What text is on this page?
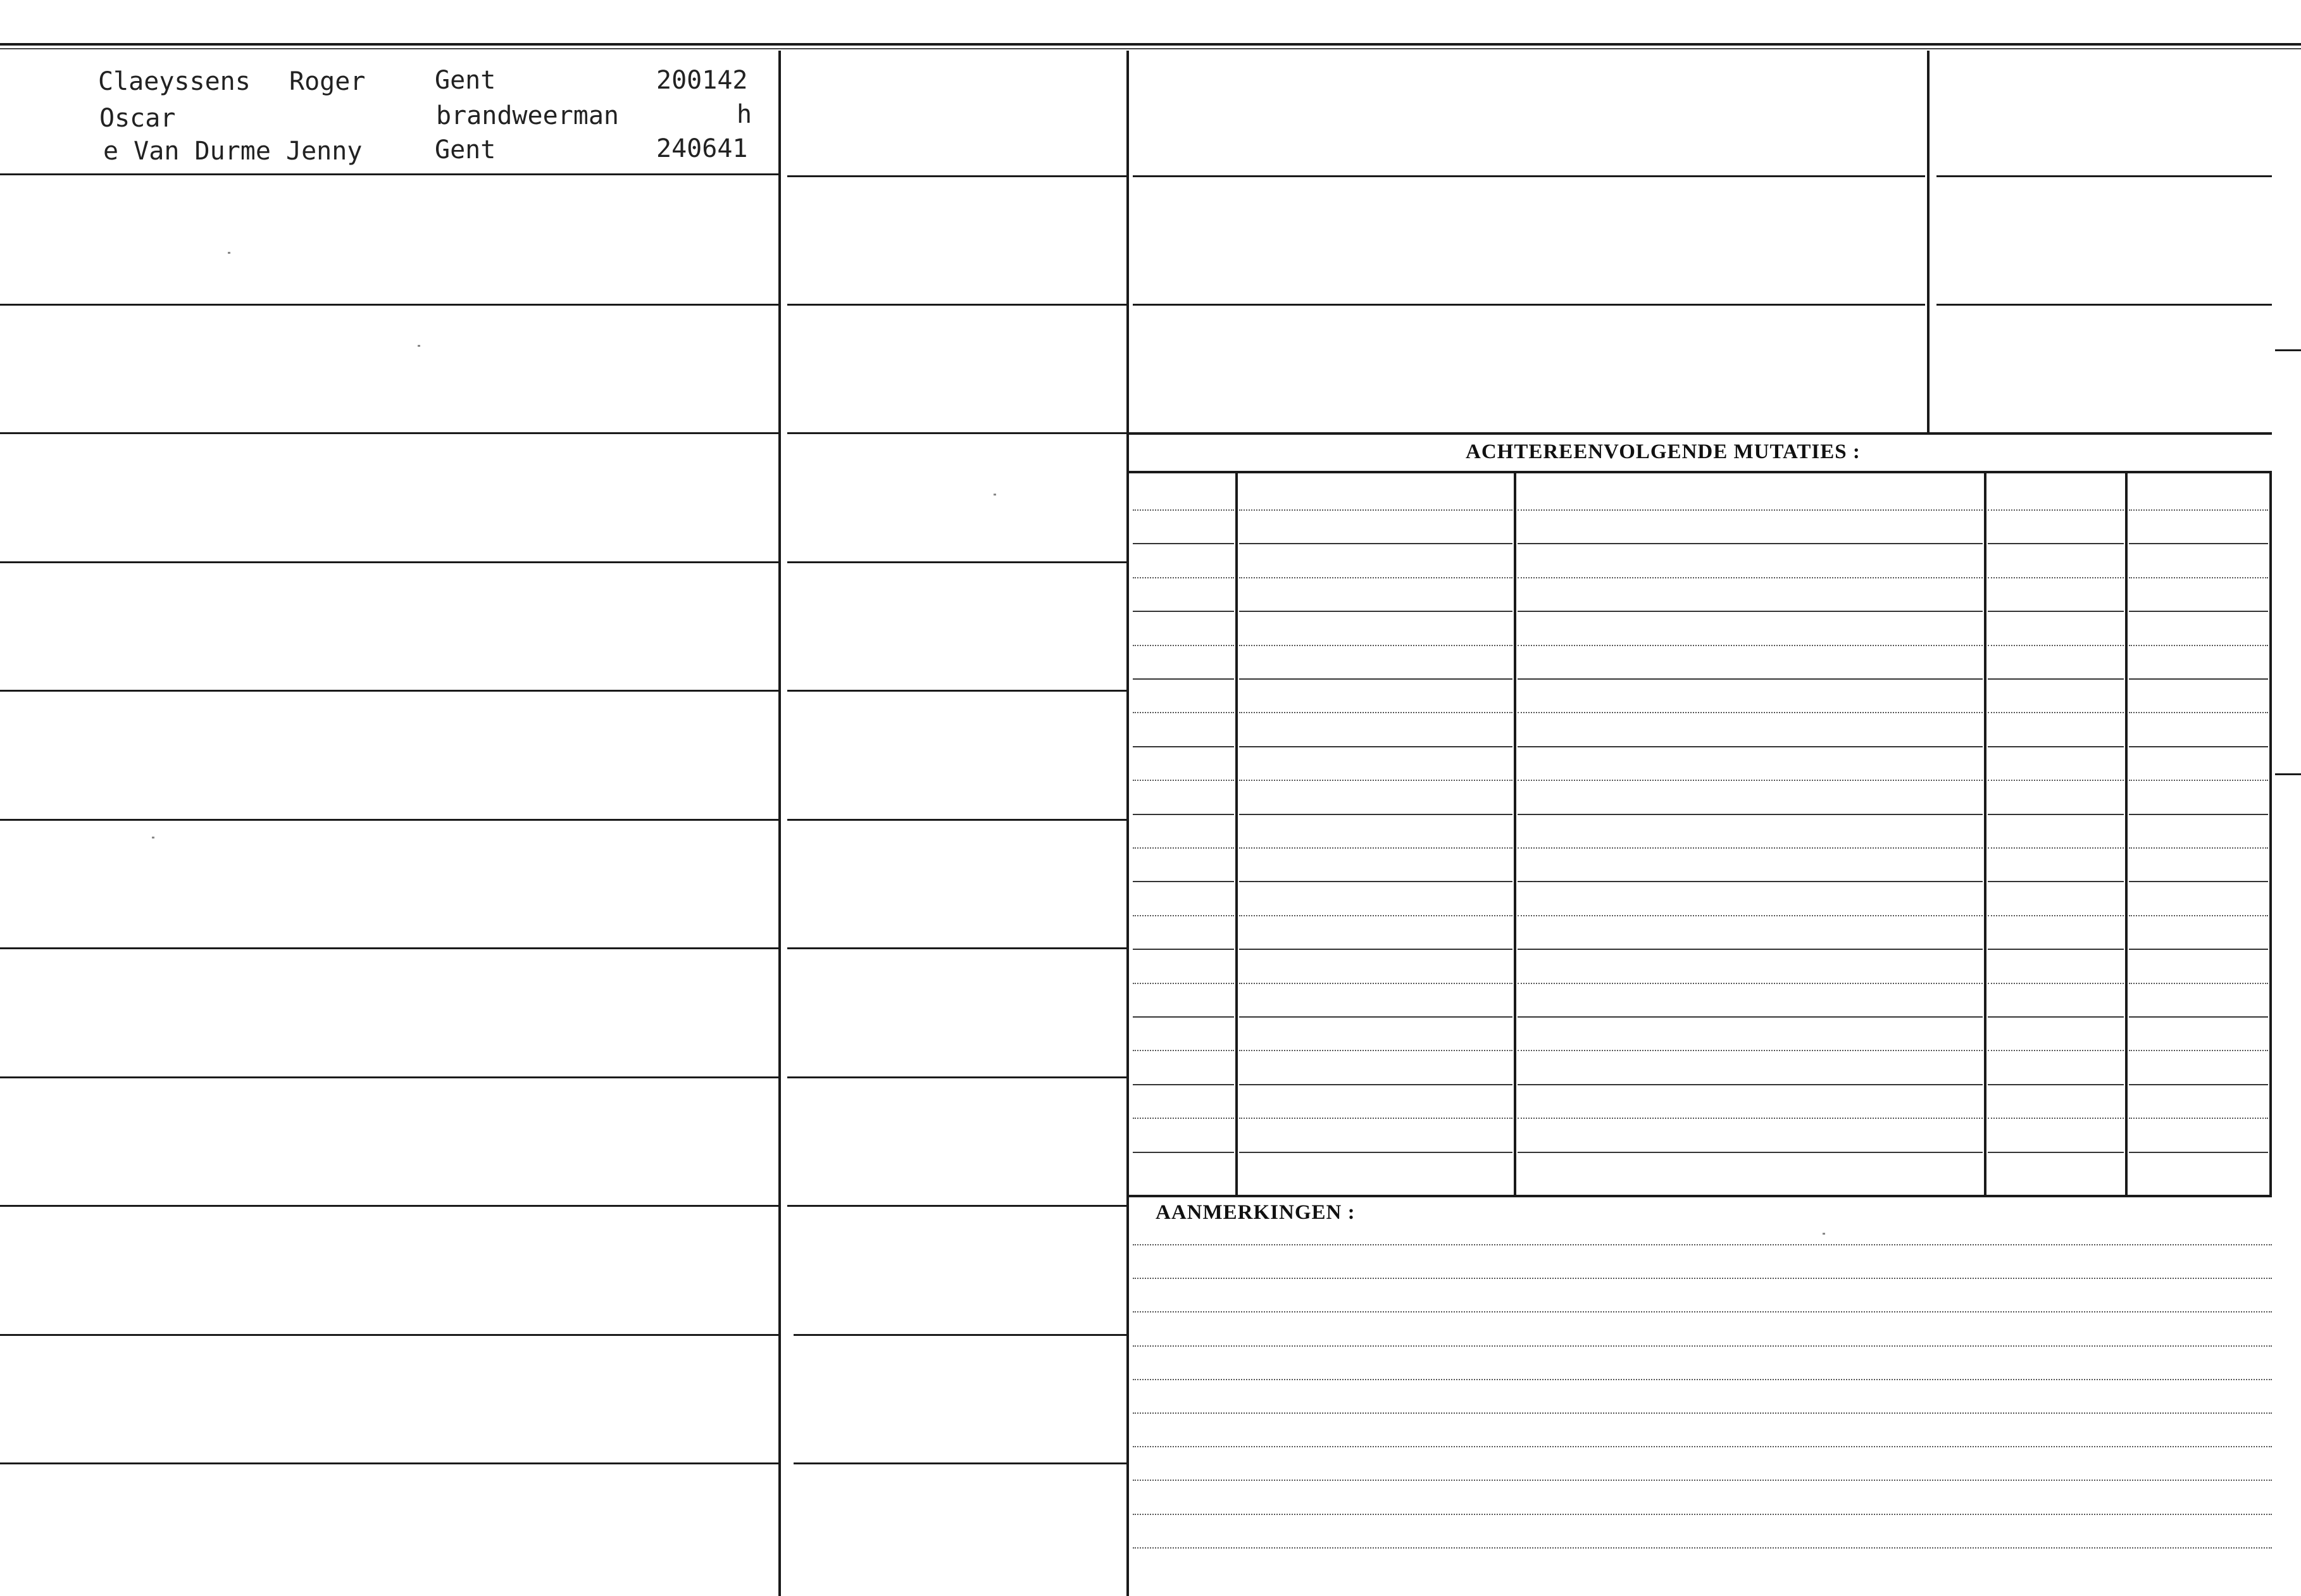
ACHTEREENVOLGENDE MUTATIES :
AANMERKINGEN :
Claeyssens Roger	Gent	200142
Oscar	brandweerman	h
e Van Durme Jenny	Gent	240641
